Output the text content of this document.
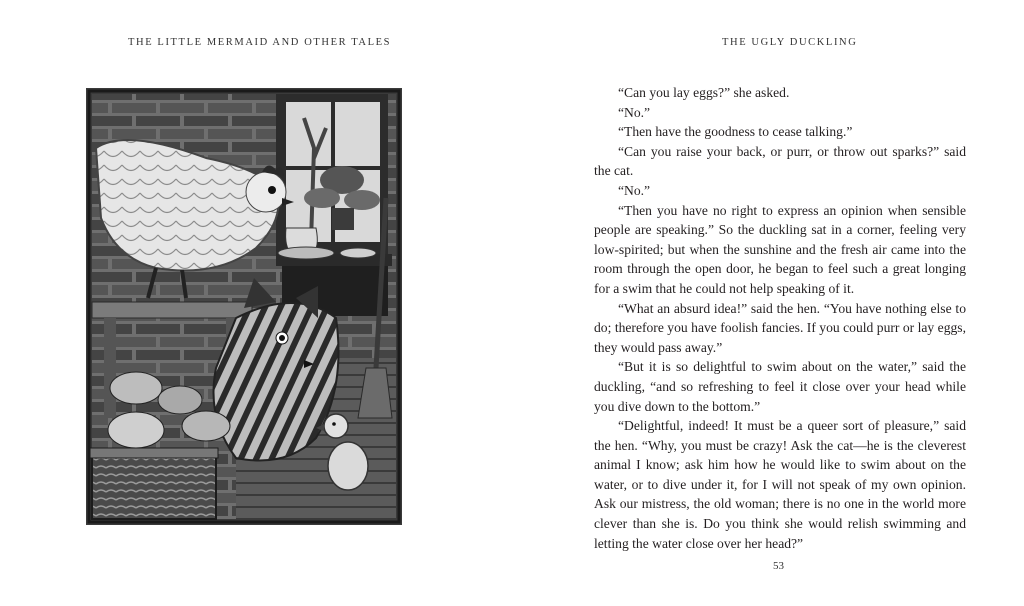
THE LITTLE MERMAID AND OTHER TALES	THE UGLY DUCKLING

“Can you lay eggs?” she asked.

“No.”

“Then have the goodness to cease talking.”

“Can you raise your back, or purr, or throw out sparks?” said the cat.

“No.”

“Then you have no right to express an opinion when sensible people are speaking.” So the duckling sat in a corner, feeling very low-spirited; but when the sunshine and the fresh air came into the room through the open door, he began to feel such a great longing for a swim that he could not help speaking of it.

“What an absurd idea!” said the hen. “You have nothing else to do; therefore you have foolish fancies. If you could purr or lay eggs, they would pass away.”

“But it is so delightful to swim about on the water,” said the duckling, “and so refreshing to feel it close over your head while you dive down to the bottom.”

“Delightful, indeed! It must be a queer sort of pleasure,” said the hen. “Why, you must be crazy! Ask the cat—he is the cleverest animal I know; ask him how he would like to swim about on the water, or to dive under it, for I will not speak of my own opinion. Ask our mistress, the old woman; there is no one in the world more clever than she is. Do you think she would relish swimming and letting the water close over her head?”

53
